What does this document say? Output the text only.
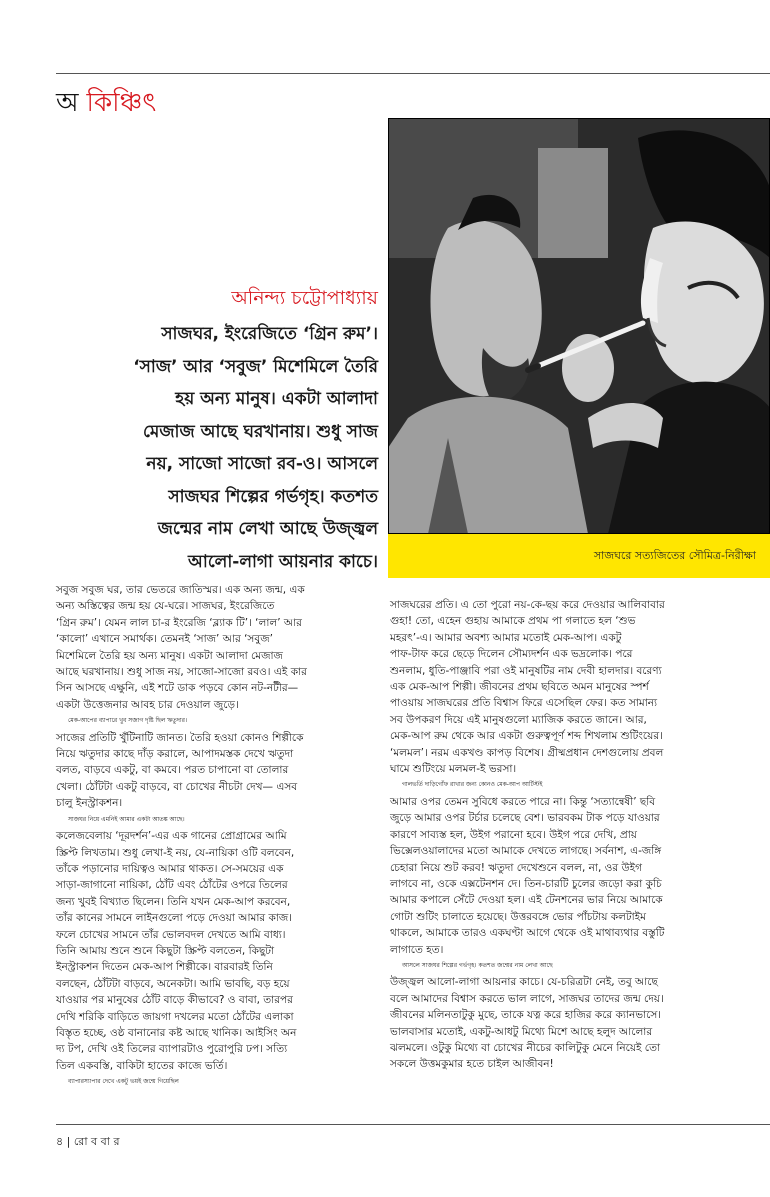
অ কিঞ্চিৎ
সাজঘরে সত্যজিতের সৌমিত্র-নিরীক্ষা
অনিন্দ্য চট্টোপাধ্যায়
সাজঘর, ইংরেজিতে ‘গ্রিন রুম’।
‘সাজ’ আর ‘সবুজ’ মিশেমিলে তৈরি
হয় অন্য মানুষ। একটা আলাদা
মেজাজ আছে ঘরখানায়। শুধু সাজ
নয়, সাজো সাজো রব-ও। আসলে
সাজঘর শিল্পের গর্ভগৃহ। কতশত
জন্মের নাম লেখা আছে উজ্জ্বল
আলো-লাগা আয়নার কাচে।
সবুজ সবুজ ঘর, তার ভেতরে জাতিস্মর। এক অন্য জন্ম, এক
অন্য অস্তিত্বের জন্ম হয় যে-ঘরে। সাজঘর, ইংরেজিতে
‘গ্রিন রুম’। যেমন লাল চা-র ইংরেজি ‘ব্ল্যাক টি’। ‘লাল’ আর
‘কালো’ এখানে সমার্থক। তেমনই ‘সাজ’ আর ‘সবুজ’
মিশেমিলে তৈরি হয় অন্য মানুষ। একটা আলাদা মেজাজ
আছে ঘরখানায়। শুধু সাজ নয়, সাজো-সাজো রবও। এই কার
সিন আসছে এক্ষুনি, এই শটে ডাক পড়বে কোন নট-নটীর—
একটা উত্তেজনার আবহ চার দেওয়াল জুড়ে।
মেক-আপের ব্যাপারে খুব সজাগ দৃষ্টি ছিল ঋতুদার।
সাজের প্রতিটি খুঁটিনাটি জানত। তৈরি হওয়া কোনও শিল্পীকে
নিয়ে ঋতুদার কাছে দাঁড় করালে, আপাদমস্তক দেখে ঋতুদা
বলত, বাড়বে একটু, বা কমবে। পরত চাপানো বা তোলার
খেলা। ঠোঁটটা একটু বাড়বে, বা চোখের নীচটা দেখ— এসব
চালু ইনস্ট্রাকশন।
সাজঘর নিয়ে এমনিই আমার একটা আতঙ্ক আছে।
কলেজবেলায় ‘দূরদর্শন’-এর এক গানের প্রোগ্রামের আমি
স্ক্রিপ্ট লিখতাম। শুধু লেখা-ই নয়, যে-নায়িকা ওটি বলবেন,
তাঁকে পড়ানোর দায়িত্বও আমার থাকত। সে-সময়ের এক
সাড়া-জাগানো নায়িকা, ঠোঁট এবং ঠোঁটের ওপরে তিলের
জন্য খুবই বিখ্যাত ছিলেন। তিনি যখন মেক-আপ করবেন,
তাঁর কানের সামনে লাইনগুলো পড়ে দেওয়া আমার কাজ।
ফলে চোখের সামনে তাঁর ভোলবদল দেখতে আমি বাধ্য।
তিনি আমায় শুনে শুনে কিছুটা স্ক্রিপ্ট বলতেন, কিছুটা
ইনস্ট্রাকশন দিতেন মেক-আপ শিল্পীকে। বারবারই তিনি
বলছেন, ঠোঁটটা বাড়বে, অনেকটা। আমি ভাবছি, বড় হয়ে
যাওয়ার পর মানুষের ঠোঁট বাড়ে কীভাবে? ও বাবা, তারপর
দেখি শরিকি বাড়িতে জায়গা দখলের মতো ঠোঁটের এলাকা
বিস্তৃত হচ্ছে, ওষ্ঠ বানানোর কষ্ট আছে খানিক। আইসিং অন
দ্য টপ, দেখি ওই তিলের ব্যাপারটাও পুরোপুরি ঢপ। সত্যি
তিল একবস্তি, বাকিটা হাতের কাজে ভর্তি।
ব্যাপারস্যাপার দেখে একটু ভয়ই জন্মে গিয়েছিল
সাজঘরের প্রতি। এ তো পুরো নয়-কে-ছয় করে দেওয়ার আলিবাবার
গুহা! তো, এহেন গুহায় আমাকে প্রথম পা গলাতে হল ‘শুভ
মহরৎ’-এ। আমার অবশ্য আমার মতোই মেক-আপ। একটু
পাফ-টাফ করে ছেড়ে দিলেন সৌম্যদর্শন এক ভদ্রলোক। পরে
শুনলাম, ধুতি-পাঞ্জাবি পরা ওই মানুষটির নাম দেবী হালদার। বরেণ্য
এক মেক-আপ শিল্পী। জীবনের প্রথম ছবিতে অমন মানুষের স্পর্শ
পাওয়ায় সাজঘরের প্রতি বিশ্বাস ফিরে এসেছিল ফের। কত সামান্য
সব উপকরণ দিয়ে এই মানুষগুলো ম্যাজিক করতে জানে। আর,
মেক-আপ রুম থেকে আর একটা গুরুত্বপূর্ণ শব্দ শিখলাম শুটিংয়ের।
‘মলমল’। নরম একখণ্ড কাপড় বিশেষ। গ্রীষ্মপ্রধান দেশগুলোয় প্রবল
ঘামে শুটিংয়ে মলমল-ই ভরসা।
গালভর্তি দাড়িগোঁফ রাখার জন্য কোনও মেক-আপ আর্টিস্টই
আমার ওপর তেমন সুবিধে করতে পারে না। কিন্তু ‘সত্যান্বেষী’ ছবি
জুড়ে আমার ওপর টর্চার চলেছে বেশ। ভারবকম টাক পড়ে যাওয়ার
কারণে সাব্যস্ত হল, উইগ পরানো হবে। উইগ পরে দেখি, প্রায়
ভিক্সেলওয়ালাদের মতো আমাকে দেখতে লাগছে। সর্বনাশ, এ-জঙ্গি
চেহারা নিয়ে শুট করব! ঋতুদা দেখেশুনে বলল, না, ওর উইগ
লাগবে না, ওকে এক্সটেনশন দে। তিন-চারটি চুলের জড়ো করা কুচি
আমার কপালে সেঁটে দেওয়া হল। এই টেনশনের ভার নিয়ে আমাকে
গোটা শুটিং চালাতে হয়েছে। উত্তরবঙ্গে ভোর পাঁচটায় কলটাইম
থাকলে, আমাকে তারও একঘণ্টা আগে থেকে ওই মাথাব্যথার বস্তুটি
লাগাতে হত।
আসলে সাজঘর শিল্পের গর্ভগৃহ। কতশত জন্মের নাম লেখা আছে
উজ্জ্বল আলো-লাগা আয়নার কাচে। যে-চরিত্রটা নেই, তবু আছে
বলে আমাদের বিশ্বাস করতে ভাল লাগে, সাজঘর তাদের জন্ম দেয়।
জীবনের মলিনতাটুকু মুছে, তাকে যত্ন করে হাজির করে ক্যানভাসে।
ভালবাসার মতোই, একটু-আধটু মিথ্যে মিশে আছে হলুদ আলোর
ঝলমলে। ওটুকু মিথ্যে বা চোখের নীচের কালিটুকু মেনে নিয়েই তো
সকলে উত্তমকুমার হতে চাইল আজীবন!
৪ | রো ব বা র
